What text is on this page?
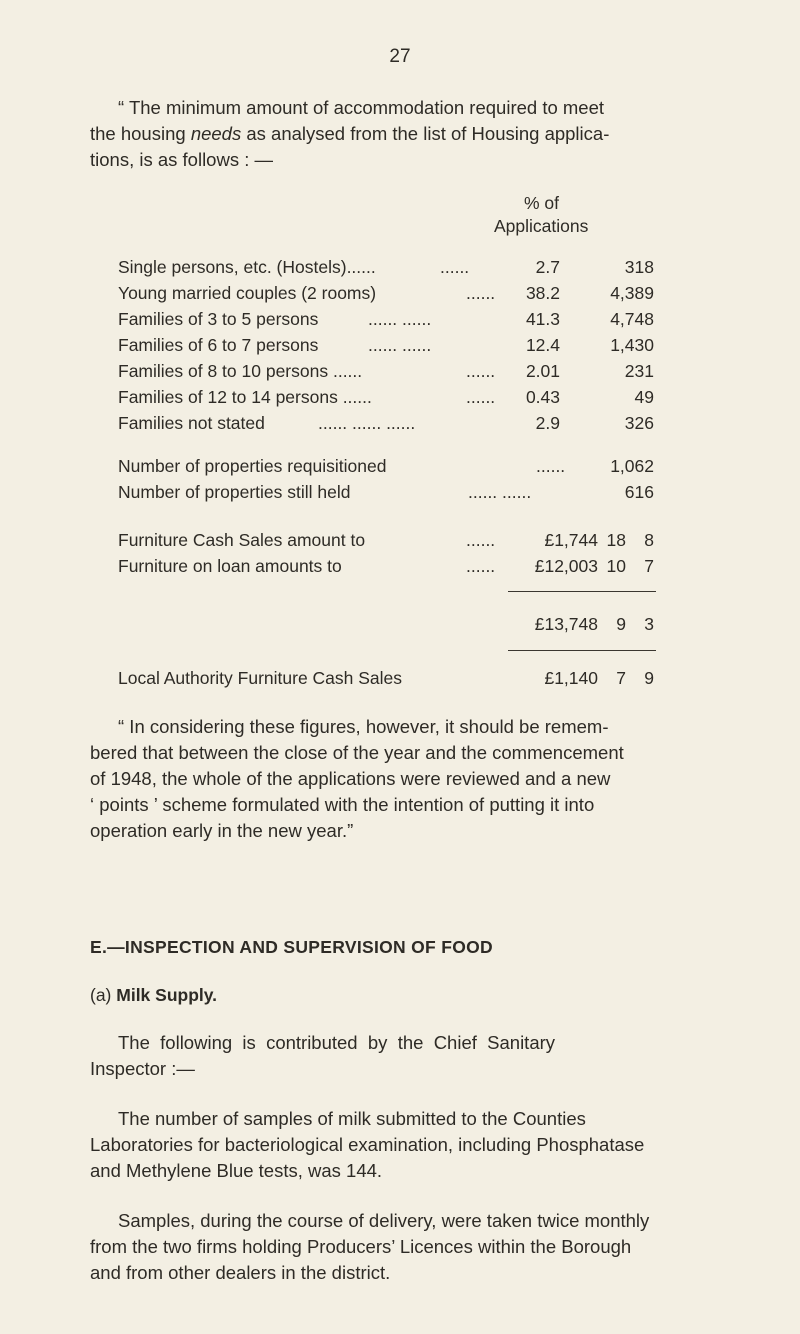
27
“ The minimum amount of accommodation required to meet
the housing needs as analysed from the list of Housing applica-
tions, is as follows : —
% of
Applications
Single persons, etc. (Hostels)......	......	2.7	318
Young married couples (2 rooms)	......	38.2	4,389
Families of 3 to 5 persons	...... ......	41.3	4,748
Families of 6 to 7 persons	...... ......	12.4	1,430
Families of 8 to 10 persons ......	......	2.01	231
Families of 12 to 14 persons ......	......	0.43	49
Families not stated	...... ...... ......	2.9	326
Number of properties requisitioned	......	1,062
Number of properties still held	...... ......	616
Furniture Cash Sales amount to	......	£1,744 18	8
Furniture on loan amounts to	......	£12,003 10	7
£13,748	9	3
Local Authority Furniture Cash Sales	£1,140	7	9
“ In considering these figures, however, it should be remem-
bered that between the close of the year and the commencement
of 1948, the whole of the applications were reviewed and a new
‘ points ’ scheme formulated with the intention of putting it into
operation early in the new year.”
E.—INSPECTION AND SUPERVISION OF FOOD
(a) Milk Supply.
The  following  is  contributed  by  the  Chief  Sanitary
Inspector :—
The number of samples of milk submitted to the Counties
Laboratories for bacteriological examination, including Phosphatase
and Methylene Blue tests, was 144.
Samples, during the course of delivery, were taken twice monthly
from the two firms holding Producers’ Licences within the Borough
and from other dealers in the district.
